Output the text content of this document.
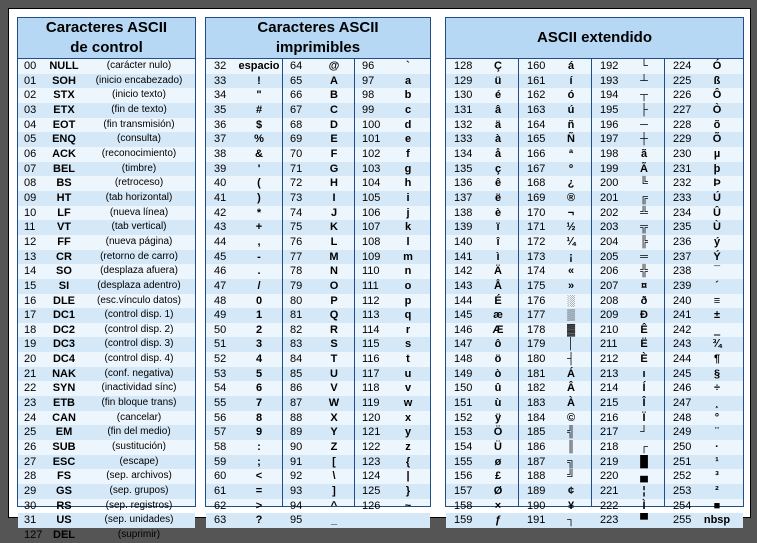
Caracteres ASCII
de control
00	NULL	(carácter nulo)
01	SOH	(inicio encabezado)
02	STX	(inicio texto)
03	ETX	(fin de texto)
04	EOT	(fin transmisión)
05	ENQ	(consulta)
06	ACK	(reconocimiento)
07	BEL	(timbre)
08	BS	(retroceso)
09	HT	(tab horizontal)
10	LF	(nueva línea)
11	VT	(tab vertical)
12	FF	(nueva página)
13	CR	(retorno de carro)
14	SO	(desplaza afuera)
15	SI	(desplaza adentro)
16	DLE	(esc.vínculo datos)
17	DC1	(control disp. 1)
18	DC2	(control disp. 2)
19	DC3	(control disp. 3)
20	DC4	(control disp. 4)
21	NAK	(conf. negativa)
22	SYN	(inactividad sínc)
23	ETB	(fin bloque trans)
24	CAN	(cancelar)
25	EM	(fin del medio)
26	SUB	(sustitución)
27	ESC	(escape)
28	FS	(sep. archivos)
29	GS	(sep. grupos)
30	RS	(sep. registros)
31	US	(sep. unidades)
127 DEL	(suprimir)
Caracteres ASCII
imprimibles
32	espacio 64	@	96	`
33	!	65	A	97	a
34	"	66	B	98	b
35	#	67	C	99	c
36	$	68	D	100	d
37	%	69	E	101	e
38	&	70	F	102	f
39	'	71	G	103	g
40	(	72	H	104	h
41	)	73	I	105	i
42	*	74	J	106	j
43	+	75	K	107	k
44	,	76	L	108	l
45	-	77	M	109	m
46	.	78	N	110	n
47	/	79	O	111	o
48	0	80	P	112	p
49	1	81	Q	113	q
50	2	82	R	114	r
51	3	83	S	115	s
52	4	84	T	116	t
53	5	85	U	117	u
54	6	86	V	118	v
55	7	87	W	119	w
56	8	88	X	120	x
57	9	89	Y	121	y
58	:	90	Z	122	z
59	;	91	[	123	{
60	<	92	\	124	|
61	=	93	]	125	}
62	>	94	^	126	~
63	?	95	_
ASCII extendido
128	Ç	160	á	192	└	224	Ó
129	ü	161	í	193	┴	225	ß
130	é	162	ó	194	┬	226	Ô
131	â	163	ú	195	├	227	Ò
132	ä	164	ñ	196	─	228	õ
133	à	165	Ñ	197	┼	229	Õ
134	å	166	ª	198	ã	230	µ
135	ç	167	º	199	Ã	231	þ
136	ê	168	¿	200	╚	232	Þ
137	ë	169	®	201	╔	233	Ú
138	è	170	¬	202	╩	234	Û
139	ï	171	½	203	╦	235	Ù
140	î	172	¼	204	╠	236	ý
141	ì	173	¡	205	═	237	Ý
142	Ä	174	«	206	╬	238	¯
143	Å	175	»	207	¤	239	´
144	É	176	░	208	ð	240	≡
145	æ	177	▒	209	Ð	241	±
146	Æ	178	▓	210	Ê	242	‗
147	ô	179	│	211	Ë	243	¾
148	ö	180	┤	212	È	244	¶
149	ò	181	Á	213	ı	245	§
150	û	182	Â	214	Í	246	÷
151	ù	183	À	215	Î	247	¸
152	ÿ	184	©	216	Ï	248	°
153	Ö	185	╣	217	┘	249	¨
154	Ü	186	║	218	┌	250	·
155	ø	187	╗	219	█	251	¹
156	£	188	╝	220	▄	252	³
157	Ø	189	¢	221	¦	253	²
158	×	190	¥	222	Ì	254	■
159	ƒ	191	┐	223	▀	255	nbsp
